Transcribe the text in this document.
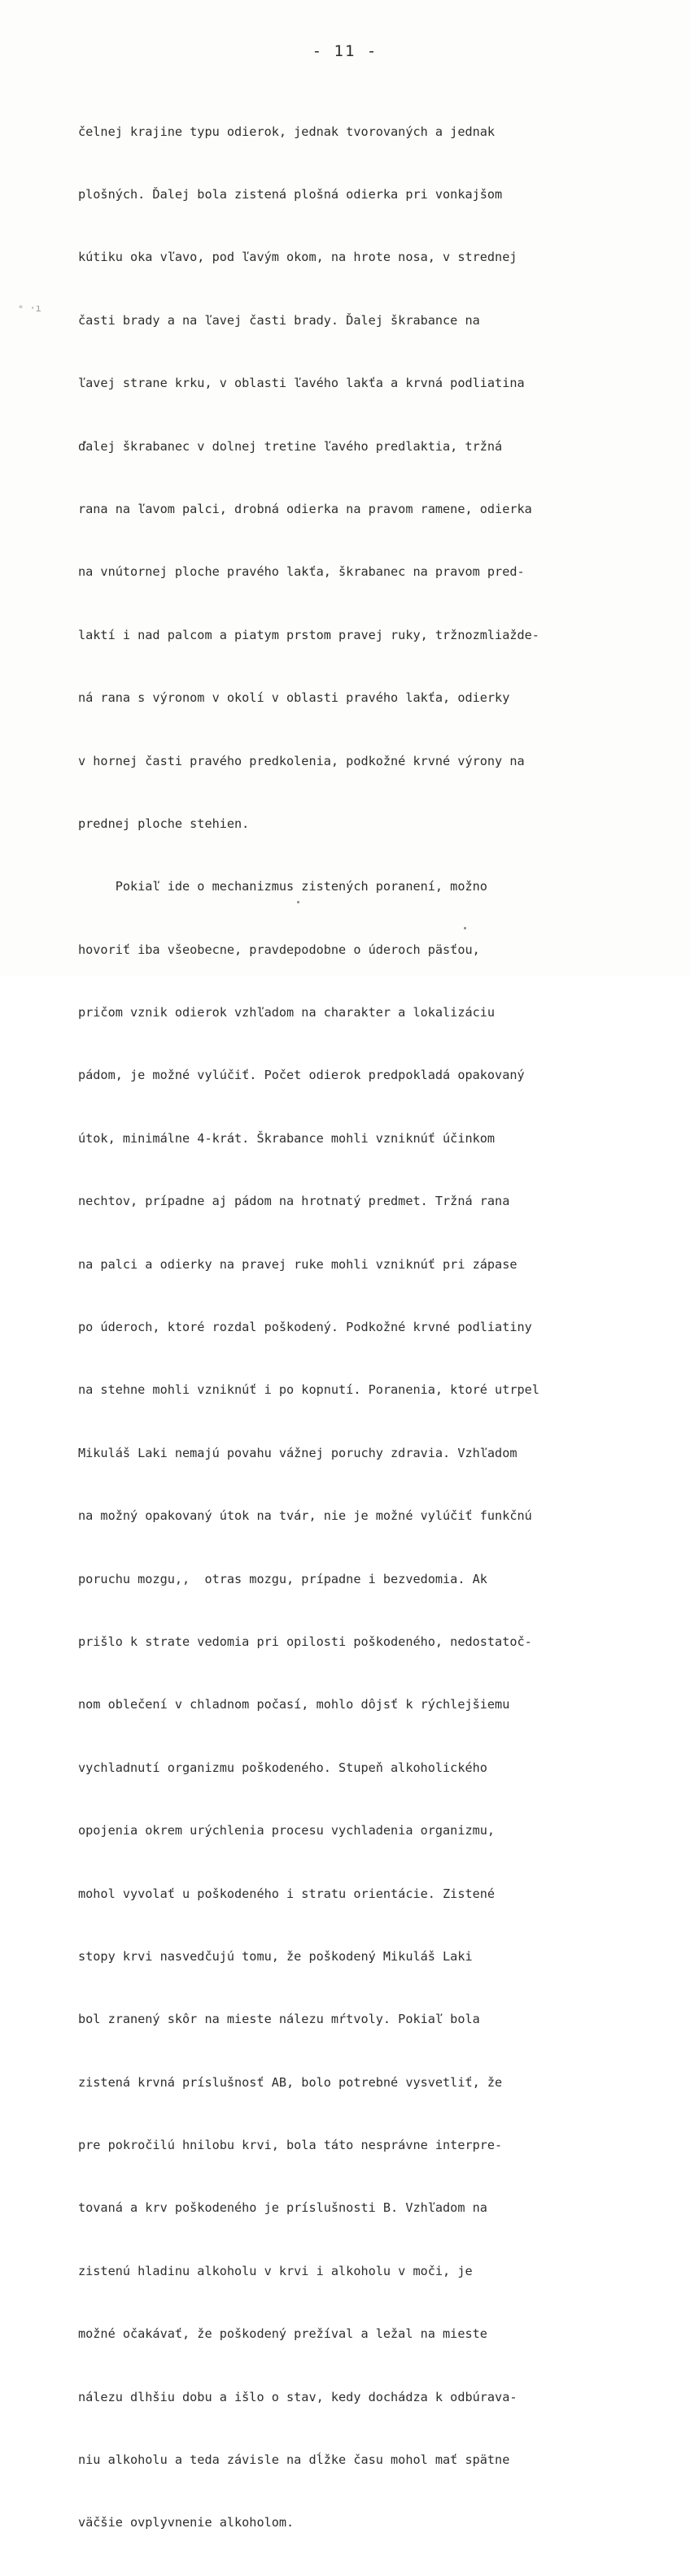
- 11 -
ᵉ ·ı

čelnej krajine typu odierok, jednak tvorovaných a jednak

plošných. Ďalej bola zistená plošná odierka pri vonkajšom

kútiku oka vľavo, pod ľavým okom, na hrote nosa, v strednej

časti brady a na ľavej časti brady. Ďalej škrabance na

ľavej strane krku, v oblasti ľavého lakťa a krvná podliatina

ďalej škrabanec v dolnej tretine ľavého predlaktia, tržná

rana na ľavom palci, drobná odierka na pravom ramene, odierka

na vnútornej ploche pravého lakťa, škrabanec na pravom pred-

laktí i nad palcom a piatym prstom pravej ruky, tržnozmliažde-

ná rana s výronom v okolí v oblasti pravého lakťa, odierky

v hornej časti pravého predkolenia, podkožné krvné výrony na

prednej ploche stehien.

Pokiaľ ide o mechanizmus zistených poranení, možno

hovoriť iba všeobecne, pravdepodobne o úderoch päsťou,

pričom vznik odierok vzhľadom na charakter a lokalizáciu

pádom, je možné vylúčiť. Počet odierok predpokladá opakovaný

útok, minimálne 4-krát. Škrabance mohli vzniknúť účinkom

nechtov, prípadne aj pádom na hrotnatý predmet. Tržná rana

na palci a odierky na pravej ruke mohli vzniknúť pri zápase

po úderoch, ktoré rozdal poškodený. Podkožné krvné podliatiny

na stehne mohli vzniknúť i po kopnutí. Poranenia, ktoré utrpel

Mikuláš Laki nemajú povahu vážnej poruchy zdravia. Vzhľadom

na možný opakovaný útok na tvár, nie je možné vylúčiť funkčnú

poruchu mozgu,,  otras mozgu, prípadne i bezvedomia. Ak

prišlo k strate vedomia pri opilosti poškodeného, nedostatoč-

nom oblečení v chladnom počasí, mohlo dôjsť k rýchlejšiemu

vychladnutí organizmu poškodeného. Stupeň alkoholického

opojenia okrem urýchlenia procesu vychladenia organizmu,

mohol vyvolať u poškodeného i stratu orientácie. Zistené

stopy krvi nasvedčujú tomu, že poškodený Mikuláš Laki

bol zranený skôr na mieste nálezu mŕtvoly. Pokiaľ bola

zistená krvná príslušnosť AB, bolo potrebné vysvetliť, že

pre pokročilú hnilobu krvi, bola táto nesprávne interpre-

tovaná a krv poškodeného je príslušnosti B. Vzhľadom na

zistenú hladinu alkoholu v krvi i alkoholu v moči, je

možné očakávať, že poškodený prežíval a ležal na mieste

nálezu dlhšiu dobu a išlo o stav, kedy dochádza k odbúrava-

niu alkoholu a teda závisle na dĺžke času mohol mať spätne

väčšie ovplyvnenie alkoholom.
